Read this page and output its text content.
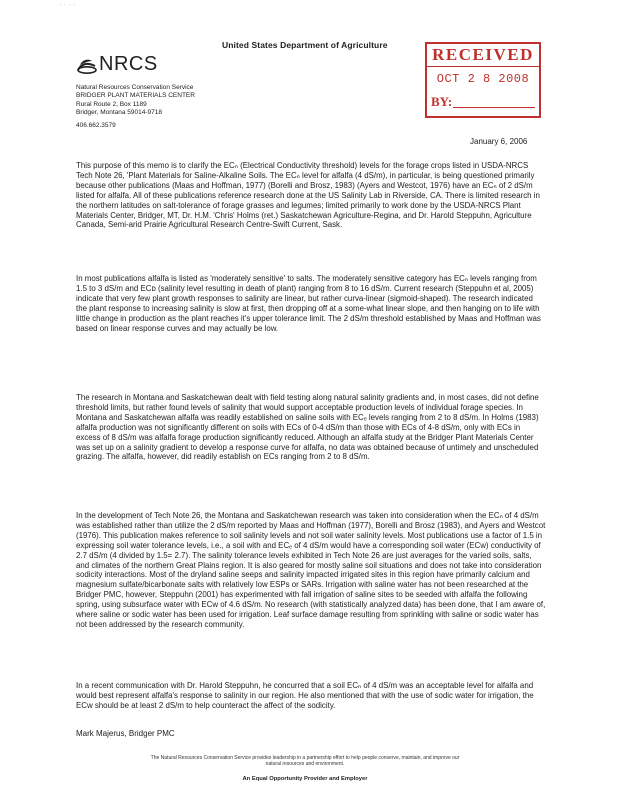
" " " "
United States Department of Agriculture
NRCS
Natural Resources Conservation Service
BRIDGER PLANT MATERIALS CENTER
Rural Route 2, Box 1189
Bridger, Montana 59014-9718
406.662.3579
RECEIVED
OCT 2 8 2008
BY:
January 6, 2006
This purpose of this memo is to clarify the ECₙ (Electrical Conductivity threshold) levels for the forage crops listed in USDA-NRCS Tech Note 26, 'Plant Materials for Saline-Alkaline Soils. The ECₙ level for alfalfa (4 dS/m), in particular, is being questioned primarily because other publications (Maas and Hoffman, 1977) (Borelli and Brosz, 1983) (Ayers and Westcot, 1976) have an ECₙ of 2 dS/m listed for alfalfa. All of these publications reference research done at the US Salinity Lab in Riverside, CA. There is limited research in the northern latitudes on salt-tolerance of forage grasses and legumes; limited primarily to work done by the USDA-NRCS Plant Materials Center, Bridger, MT, Dr. H.M. 'Chris' Holms (ret.) Saskatchewan Agriculture-Regina, and Dr. Harold Steppuhn, Agriculture Canada, Semi-arid Prairie Agricultural Research Centre-Swift Current, Sask.
In most publications alfalfa is listed as 'moderately sensitive' to salts. The moderately sensitive category has ECₙ levels ranging from 1.5 to 3 dS/m and ECᴅ (salinity level resulting in death of plant) ranging from 8 to 16 dS/m. Current research (Steppuhn et al, 2005) indicate that very few plant growth responses to salinity are linear, but rather curva-linear (sigmoid-shaped). The research indicated the plant response to increasing salinity is slow at first, then dropping off at a some-what linear slope, and then hanging on to life with little change in production as the plant reaches it's upper tolerance limit. The 2 dS/m threshold established by Maas and Hoffman was based on linear response curves and may actually be low.
The research in Montana and Saskatchewan dealt with field testing along natural salinity gradients and, in most cases, did not define threshold limits, but rather found levels of salinity that would support acceptable production levels of individual forage species. In Montana and Saskatchewan alfalfa was readily established on saline soils with ECₑ levels ranging from 2 to 8 dS/m. In Holms (1983) alfalfa production was not significantly different on soils with ECs of 0-4 dS/m than those with ECs of 4-8 dS/m, only with ECs in excess of 8 dS/m was alfalfa forage production significantly reduced. Although an alfalfa study at the Bridger Plant Materials Center was set up on a salinity gradient to develop a response curve for alfalfa, no data was obtained because of untimely and unscheduled grazing. The alfalfa, however, did readily establish on ECs ranging from 2 to 8 dS/m.
In the development of Tech Note 26, the Montana and Saskatchewan research was taken into consideration when the ECₙ of 4 dS/m was established rather than utilize the 2 dS/m reported by Maas and Hoffman (1977), Borelli and Brosz (1983), and Ayers and Westcot (1976). This publication makes reference to soil salinity levels and not soil water salinity levels. Most publications use a factor of 1.5 in expressing soil water tolerance levels, i.e., a soil with and ECₑ of 4 dS/m would have a corresponding soil water (ECᴡ) conductivity of 2.7 dS/m (4 divided by 1.5= 2.7). The salinity tolerance levels exhibited in Tech Note 26 are just averages for the varied soils, salts, and climates of the northern Great Plains region. It is also geared for mostly saline soil situations and does not take into consideration sodicity interactions. Most of the dryland saline seeps and salinity impacted irrigated sites in this region have primarily calcium and magnesium sulfate/bicarbonate salts with relatively low ESPs or SARs. Irrigation with saline water has not been researched at the Bridger PMC, however, Steppuhn (2001) has experimented with fall irrigation of saline sites to be seeded with alfalfa the following spring, using subsurface water with ECᴡ of 4.6 dS/m. No research (with statistically analyzed data) has been done, that I am aware of, where saline or sodic water has been used for irrigation. Leaf surface damage resulting from sprinkling with saline or sodic water has not been addressed by the research community.
In a recent communication with Dr. Harold Steppuhn, he concurred that a soil ECₙ of 4 dS/m was an acceptable level for alfalfa and would best represent alfalfa's response to salinity in our region. He also mentioned that with the use of sodic water for irrigation, the ECᴡ should be at least 2 dS/m to help counteract the affect of the sodicity.
Mark Majerus, Bridger PMC
The Natural Resources Conservation Service provides leadership in a partnership effort to help people conserve, maintain, and improve our natural resources and environment.
An Equal Opportunity Provider and Employer
